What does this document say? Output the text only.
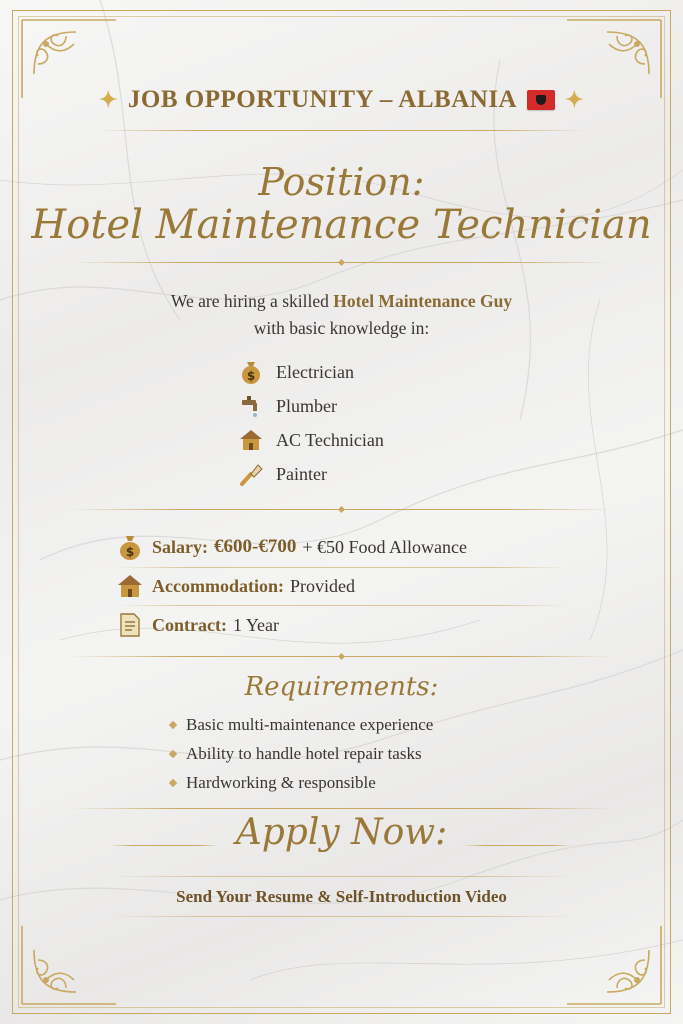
✦ JOB OPPORTUNITY – ALBANIA ✦
Position:
Hotel Maintenance Technician
We are hiring a skilled Hotel Maintenance Guy
with basic knowledge in:
$ Electrician
Plumber
AC Technician
Painter
$ Salary: €600-€700 + €50 Food Allowance
Accommodation: Provided
Contract: 1 Year
Requirements:
Basic multi-maintenance experience
Ability to handle hotel repair tasks
Hardworking & responsible
Apply Now:
Send Your Resume & Self-Introduction Video
